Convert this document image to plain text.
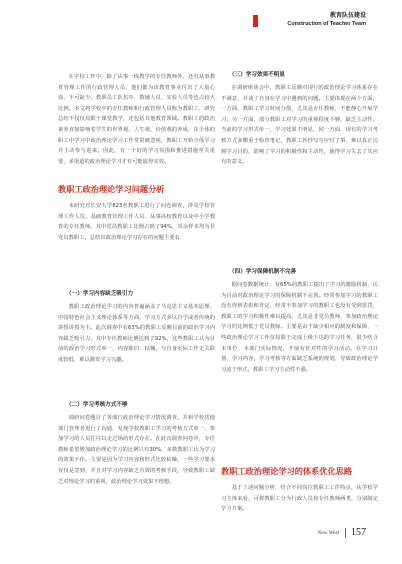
教育队伍建设
Construction of Teacher Team

在学校工作中，除了从事一线教学的专任教师外，还有从事教育管理工作的行政管理人员，他们都为该教育事业付出了大量心血，不可缺少。教职员工队伍中，教辅人员、实验人员等也占较大比例。本文将学校中的专任教师和行政管理人员称为教职工，研究总结不仅仅局限于课堂教学，还包括其他教育领域。教职工的政治素养直接影响着学生的世界观、人生观、价值观的养成，在全体的职工中学习中政治理论学习工作常常被忽视，教职工开始全体学习并主动参与进来。因此，有一个好的学习氛围和推进措施至关重要，多渠道的政治理论学习才有可能取得实效。

教职工政治理论学习问题分析

本研究对长安大学823名教职工进行了问卷调查，涉及学校管理工作人员、基础教育管理工作人员、从事高校教育以及中小学教育的专任教师。其中党员教职工比例占到了94%，其余样本均为非党员教职工，总结出政治理论学习存在的问题主要有：

（一）学习内容缺乏吸引力

教职工政治理论学习的内容普遍涵盖了马克思主义基本原理、中国特色社会主义理论体系等方面，学习方式多以自学或者传统的讲授讲授为主。此次调查中有63%的教职工反映目前的政治学习内容缺乏吸引力，其中专任教师比例达到了92%，这些教职工认为目前的政治学习形式单一、内容陈旧、枯燥，与自身实际工作无关联度较低，难以激发学习兴趣。

（二）学习考核方式不够

调研问卷题目了各部门政治理论学习情况调查，并和学校其他部门管理者进行了沟通，发现学校教职工学习的考核方式单一，参加学习的人员往往以走过场的形式存在。在此次调查问卷中，专任教师希望增加政治理论学习的比例只有30%，多数教职工认为学习的效果不佳。主要是因为学习内容和形式比较枯燥，一些学习要求仅仅是签到，并且对学习内容缺乏有效的考核手段，导致教职工缺乏对理论学习的重视，政治理论学习效果不理想。

（三）学习效果不明显

在调研座谈会中，教职工反映对现行的政治理论学习体系存在不满意，并谈了自身在学习中遇到的问题。主要体现在两个方面，一方面，教职工学习时间分散，尤其是专任教师，不能静心开展学习；另一方面，部分教职工对学习的重视程度不够，缺乏主动性。当前的学习形式单一，学习效果不明显，同一方面，现有的学习考核方式多侧重于检查笔记，教职工抄抄写写应付了事，难以真正达到学习目的，影响了学习的积极性和主动性，使得学习失去了其应有的意义。

（四）学习保障机制不完善

据问卷数据统计，有65%的教职工提出了学习的激励机制，认为目前对政治理论学习的保障机制不完善。经常参加学习的教职工没有得到表彰和肯定，经常不参加学习的教职工也没有受到惩罚，教职工的学习积极性难以提高，尤其是非党员教师，参加政治理论学习的比例低于党员教师。主要是由于缺少相应的制度和保障，一些政治理论学习工作仅局限于完成上级下达的学习任务，很少结合本单位、本部门实际情况，开展有针对性的学习活动。在学习计划、学习内容、学习考核等方面缺乏系统的规划，导致政治理论学习流于形式，教职工学习主动性不强。

教职工政治理论学习的体系优化思路

基于上述问题分析，结合不同岗位教职工工作特点，从学校学习主体来看，可将教职工分为行政人员和专任教师两类，分别制定学习方案。

New West 157
